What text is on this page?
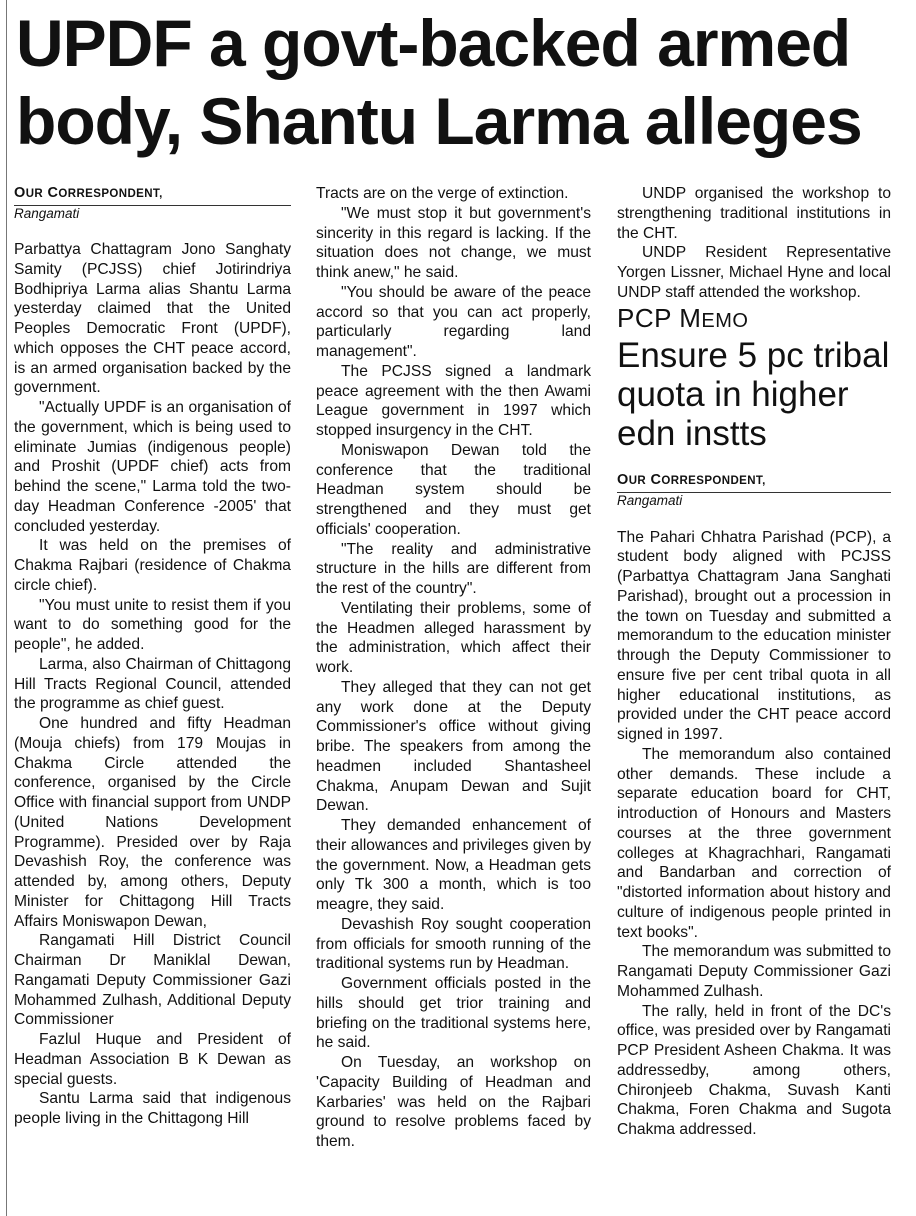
UPDF a govt-backed armed body, Shantu Larma alleges

OUR CORRESPONDENT,

Rangamati

Parbattya Chattagram Jono Sanghaty Samity (PCJSS) chief Jotirindriya Bodhipriya Larma alias Shantu Larma yesterday claimed that the United Peoples Democratic Front (UPDF), which opposes the CHT peace accord, is an armed organisation backed by the government.

"Actually UPDF is an organisation of the government, which is being used to eliminate Jumias (indigenous people) and Proshit (UPDF chief) acts from behind the scene," Larma told the two-day Headman Conference -2005' that concluded yesterday.

It was held on the premises of Chakma Rajbari (residence of Chakma circle chief).

"You must unite to resist them if you want to do something good for the people", he added.

Larma, also Chairman of Chittagong Hill Tracts Regional Council, attended the programme as chief guest.

One hundred and fifty Headman (Mouja chiefs) from 179 Moujas in Chakma Circle attended the conference, organised by the Circle Office with financial support from UNDP (United Nations Development Programme). Presided over by Raja Devashish Roy, the conference was attended by, among others, Deputy Minister for Chittagong Hill Tracts Affairs Moniswapon Dewan,

Rangamati Hill District Council Chairman Dr Maniklal Dewan, Rangamati Deputy Commissioner Gazi Mohammed Zulhash, Additional Deputy Commissioner

Fazlul Huque and President of Headman Association B K Dewan as special guests.

Santu Larma said that indigenous people living in the Chittagong Hill

Tracts are on the verge of extinction.

"We must stop it but government's sincerity in this regard is lacking. If the situation does not change, we must think anew," he said.

"You should be aware of the peace accord so that you can act properly, particularly regarding land management".

The PCJSS signed a landmark peace agreement with the then Awami League government in 1997 which stopped insurgency in the CHT.

Moniswapon Dewan told the conference that the traditional Headman system should be strengthened and they must get officials' cooperation.

"The reality and administrative structure in the hills are different from the rest of the country".

Ventilating their problems, some of the Headmen alleged harassment by the administration, which affect their work.

They alleged that they can not get any work done at the Deputy Commissioner's office without giving bribe. The speakers from among the headmen included Shantasheel Chakma, Anupam Dewan and Sujit Dewan.

They demanded enhancement of their allowances and privileges given by the government. Now, a Headman gets only Tk 300 a month, which is too meagre, they said.

Devashish Roy sought cooperation from officials for smooth running of the traditional systems run by Headman.

Government officials posted in the hills should get trior training and briefing on the traditional systems here, he said.

On Tuesday, an workshop on 'Capacity Building of Headman and Karbaries' was held on the Rajbari ground to resolve problems faced by them.

UNDP organised the workshop to strengthening traditional institutions in the CHT.

UNDP Resident Representative Yorgen Lissner, Michael Hyne and local UNDP staff attended the workshop.

PCP MEMO

Ensure 5 pc tribal quota in higher edn instts

OUR CORRESPONDENT,

Rangamati

The Pahari Chhatra Parishad (PCP), a student body aligned with PCJSS (Parbattya Chattagram Jana Sanghati Parishad), brought out a procession in the town on Tuesday and submitted a memorandum to the education minister through the Deputy Commissioner to ensure five per cent tribal quota in all higher educational institutions, as provided under the CHT peace accord signed in 1997.

The memorandum also contained other demands. These include a separate education board for CHT, introduction of Honours and Masters courses at the three government colleges at Khagrachhari, Rangamati and Bandarban and correction of "distorted information about history and culture of indigenous people printed in text books".

The memorandum was submitted to Rangamati Deputy Commissioner Gazi Mohammed Zulhash.

The rally, held in front of the DC's office, was presided over by Rangamati PCP President Asheen Chakma. It was addressedby, among others, Chironjeeb Chakma, Suvash Kanti Chakma, Foren Chakma and Sugota Chakma addressed.
